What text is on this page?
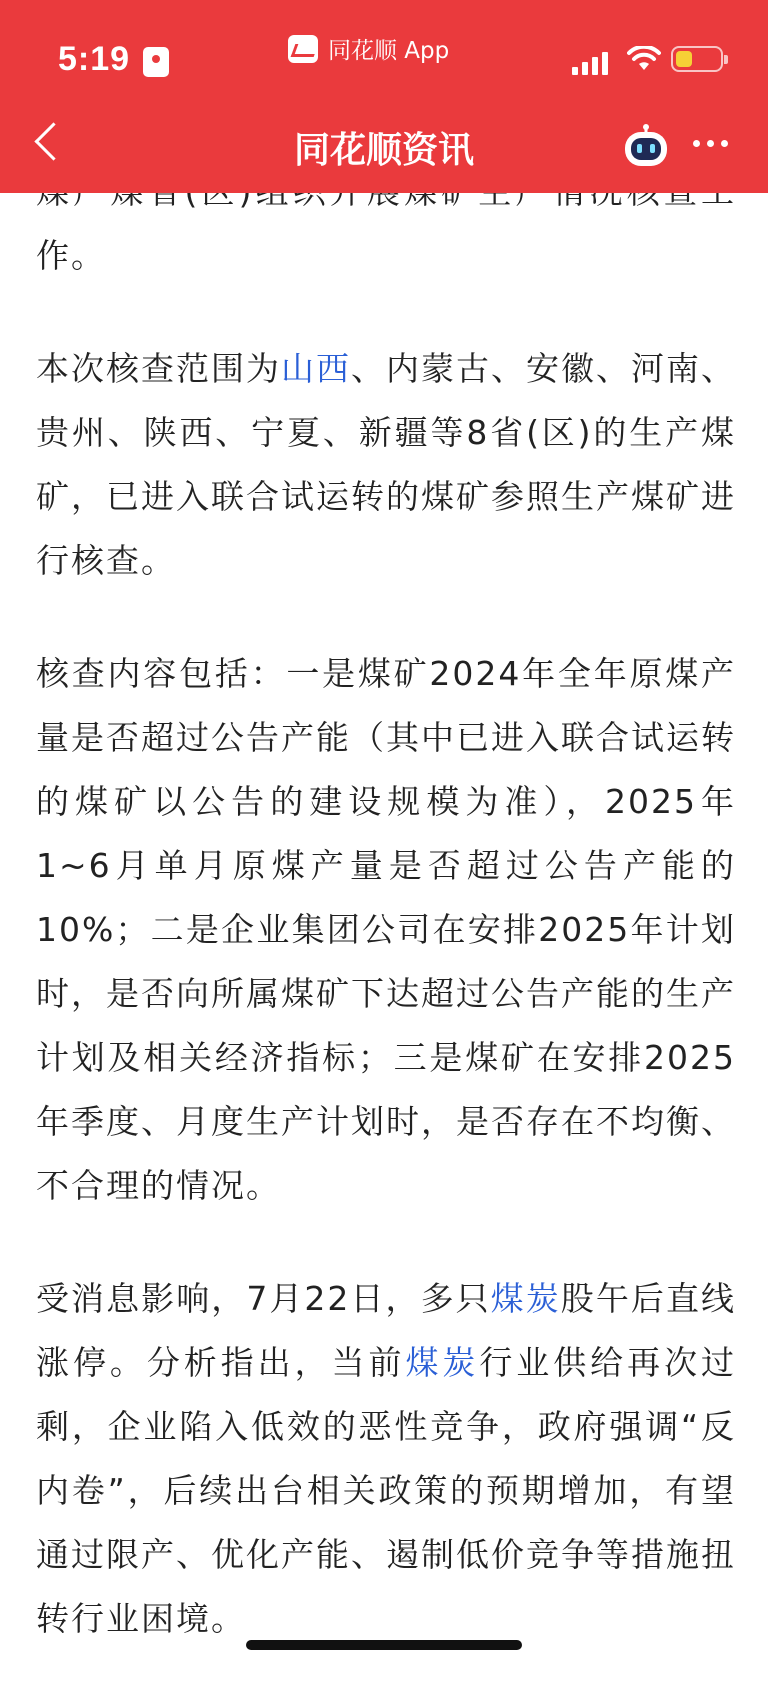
5:19	同花顺 App
同花顺资讯

作。

本次核查范围为山西、内蒙古、安徽、河南、贵州、陕西、宁夏、新疆等8省(区)的生产煤矿，已进入联合试运转的煤矿参照生产煤矿进行核查。

核查内容包括：一是煤矿2024年全年原煤产量是否超过公告产能（其中已进入联合试运转的煤矿以公告的建设规模为准），2025年1~6月单月原煤产量是否超过公告产能的10%；二是企业集团公司在安排2025年计划时，是否向所属煤矿下达超过公告产能的生产计划及相关经济指标；三是煤矿在安排2025年季度、月度生产计划时，是否存在不均衡、不合理的情况。

受消息影响，7月22日，多只煤炭股午后直线涨停。分析指出，当前煤炭行业供给再次过剩，企业陷入低效的恶性竞争，政府强调“反内卷”，后续出台相关政策的预期增加，有望通过限产、优化产能、遏制低价竞争等措施扭转行业困境。
